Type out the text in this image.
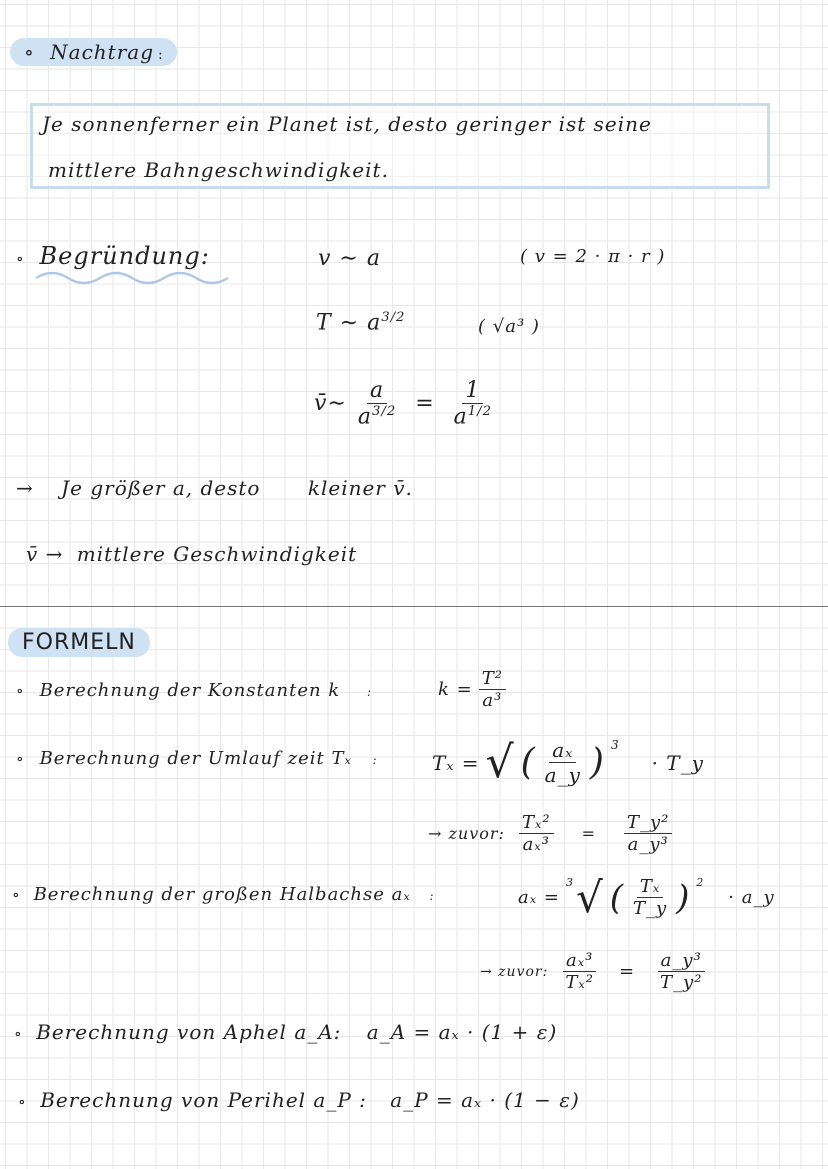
∘ Nachtrag :
Je sonnenferner ein Planet ist, desto geringer ist seine
mittlere Bahngeschwindigkeit.
∘ Begründung:	v ∼ a	( v = 2 · π · r )
T ∼ $a^{3/2}$	( √a³ )
v̄∼ $\frac{a}{a^{3/2}} = \frac{1}{a^{1/2}}$
→ Je größer a, desto kleiner v̄.
v̄ → mittlere Geschwindigkeit
FORMELN
∘ Berechnung der Konstanten k :	$k = \frac{\text{T²}}{\text{a³}}$
∘ Berechnung der Umlauf zeit Tₓ :	Tₓ = √ ( $\frac{\text{aₓ}}{a\_y}$ ) $^3$
· T_y
→ zuvor: $\frac{\text{Tₓ²}}{\text{aₓ³}} = \frac{\text{T\_y²}}{\text{a\_y³}}$
∘ Berechnung der großen Halbachse aₓ :	aₓ =
$^3$ √ ( $\frac{\text{Tₓ}}{T\_y}$ ) $^2$
· a_y
→ zuvor: $\frac{\text{aₓ³}}{\text{Tₓ²}} = \frac{\text{a\_y³}}{\text{T\_y²}}$
∘ Berechnung von Aphel a_A: a_A = aₓ · (1 + ε)
∘ Berechnung von Perihel a_P : a_P = aₓ · (1 − ε)
